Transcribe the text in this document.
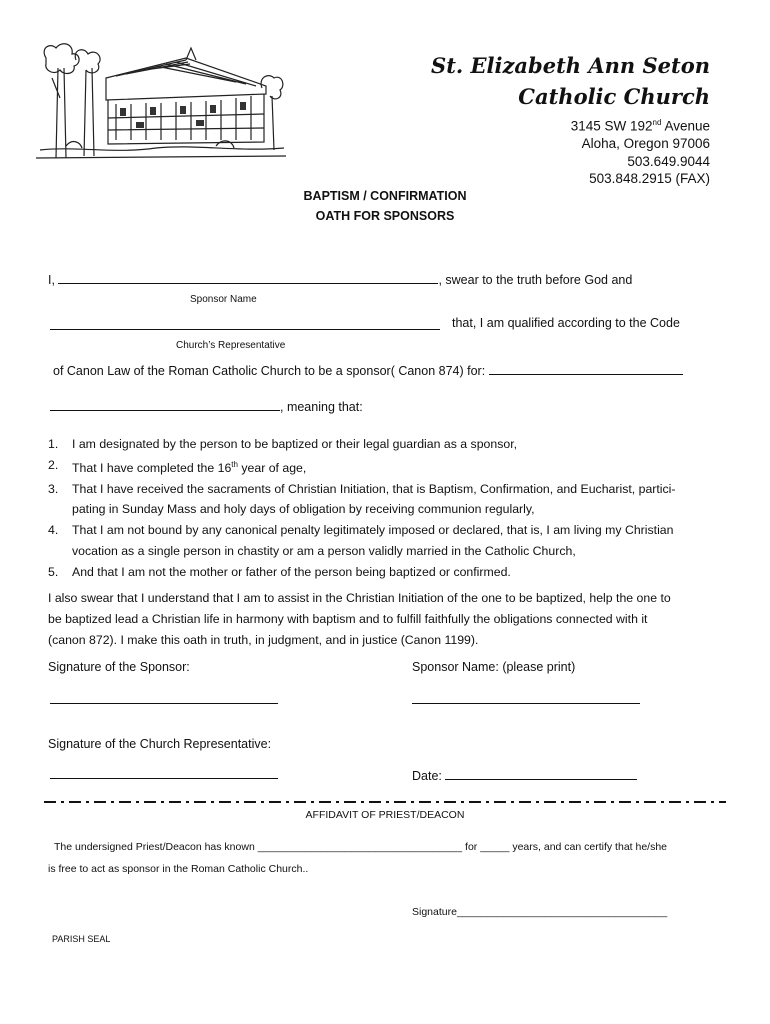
St. Elizabeth Ann Seton
Catholic Church
3145 SW 192nd Avenue
Aloha, Oregon 97006
503.649.9044
503.848.2915 (FAX)
BAPTISM / CONFIRMATION
OATH FOR SPONSORS
I,	, swear to the truth before God and
Sponsor Name
that, I am qualified according to the Code
Church’s Representative
of Canon Law of the Roman Catholic Church to be a sponsor( Canon 874) for:
, meaning that:
1.	I am designated by the person to be baptized or their legal guardian as a sponsor,
2.	That I have completed the 16th year of age,
3.	That I have received the sacraments of Christian Initiation, that is Baptism, Confirmation, and Eucharist, partici-
pating in Sunday Mass and holy days of obligation by receiving communion regularly,
4.	That I am not bound by any canonical penalty legitimately imposed or declared, that is, I am living my Christian
vocation as a single person in chastity or am a person validly married in the Catholic Church,
5.	And that I am not the mother or father of the person being baptized or confirmed.
I also swear that I understand that I am to assist in the Christian Initiation of the one to be baptized, help the one to
be baptized lead a Christian life in harmony with baptism and to fulfill faithfully the obligations connected with it
(canon 872). I make this oath in truth, in judgment, and in justice (Canon 1199).
Signature of the Sponsor:	Sponsor Name: (please print)
Signature of the Church Representative:
Date:
AFFIDAVIT OF PRIEST/DEACON
The undersigned Priest/Deacon has known ___________________________________ for _____ years, and can certify that he/she
is free to act as sponsor in the Roman Catholic Church..
Signature____________________________________
PARISH SEAL
